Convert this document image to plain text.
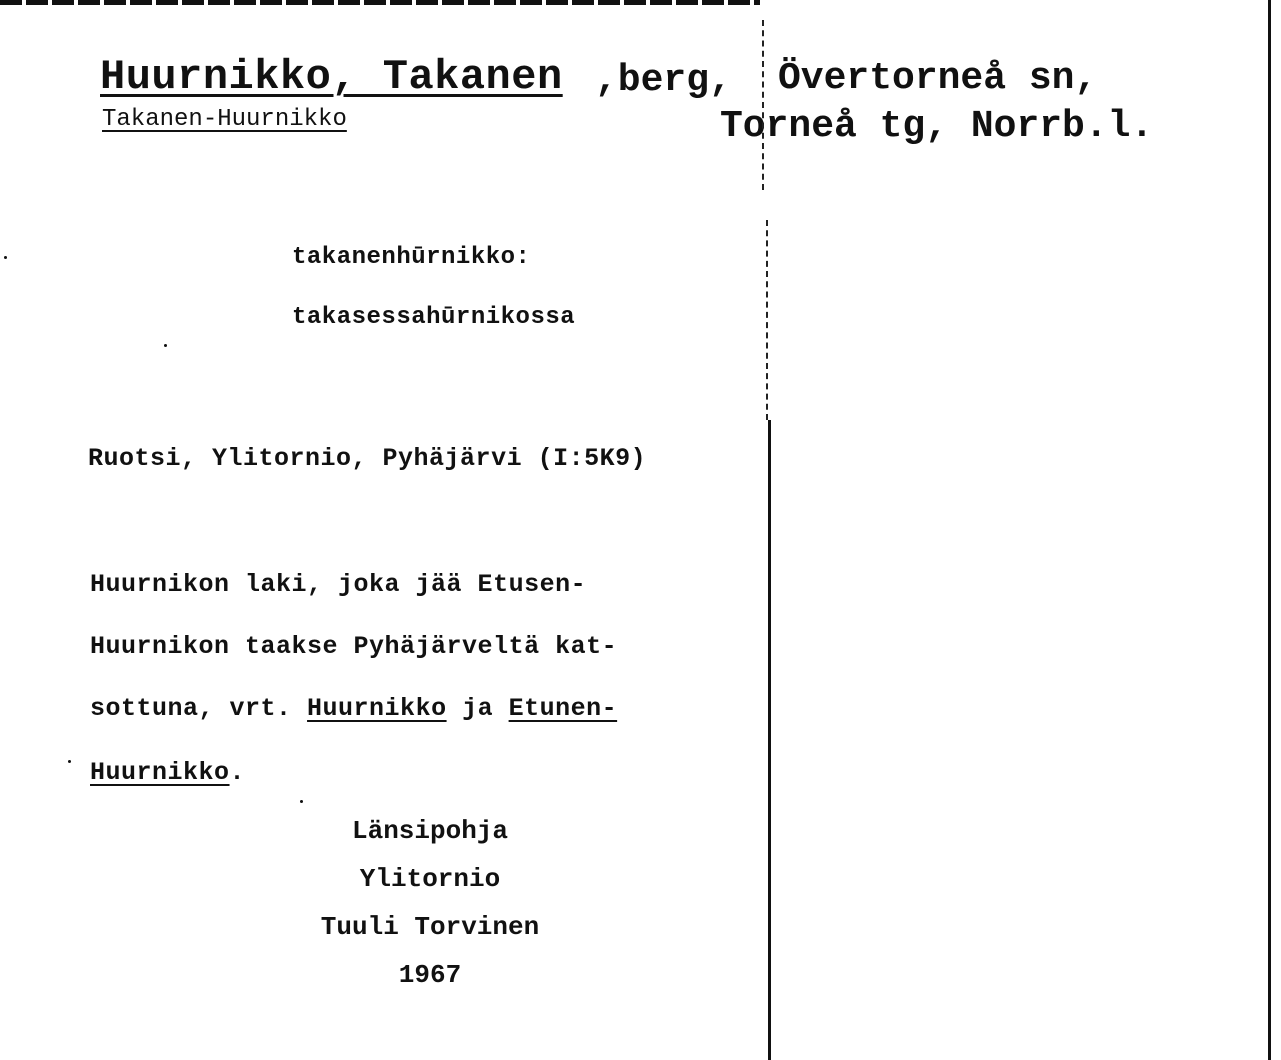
Huurnikko, Takanen ,berg,
Takanen-Huurnikko
Övertorneå sn,
Torneå tg, Norrb.l.
takanenhūrnikko:
takasessahūrnikossa
Ruotsi, Ylitornio, Pyhäjärvi (I:5K9)
Huurnikon laki, joka jää Etusen-
Huurnikon taakse Pyhäjärveltä kat-
sottuna, vrt. Huurnikko ja Etunen-
Huurnikko.
Länsipohja
Ylitornio
Tuuli Torvinen
1967
